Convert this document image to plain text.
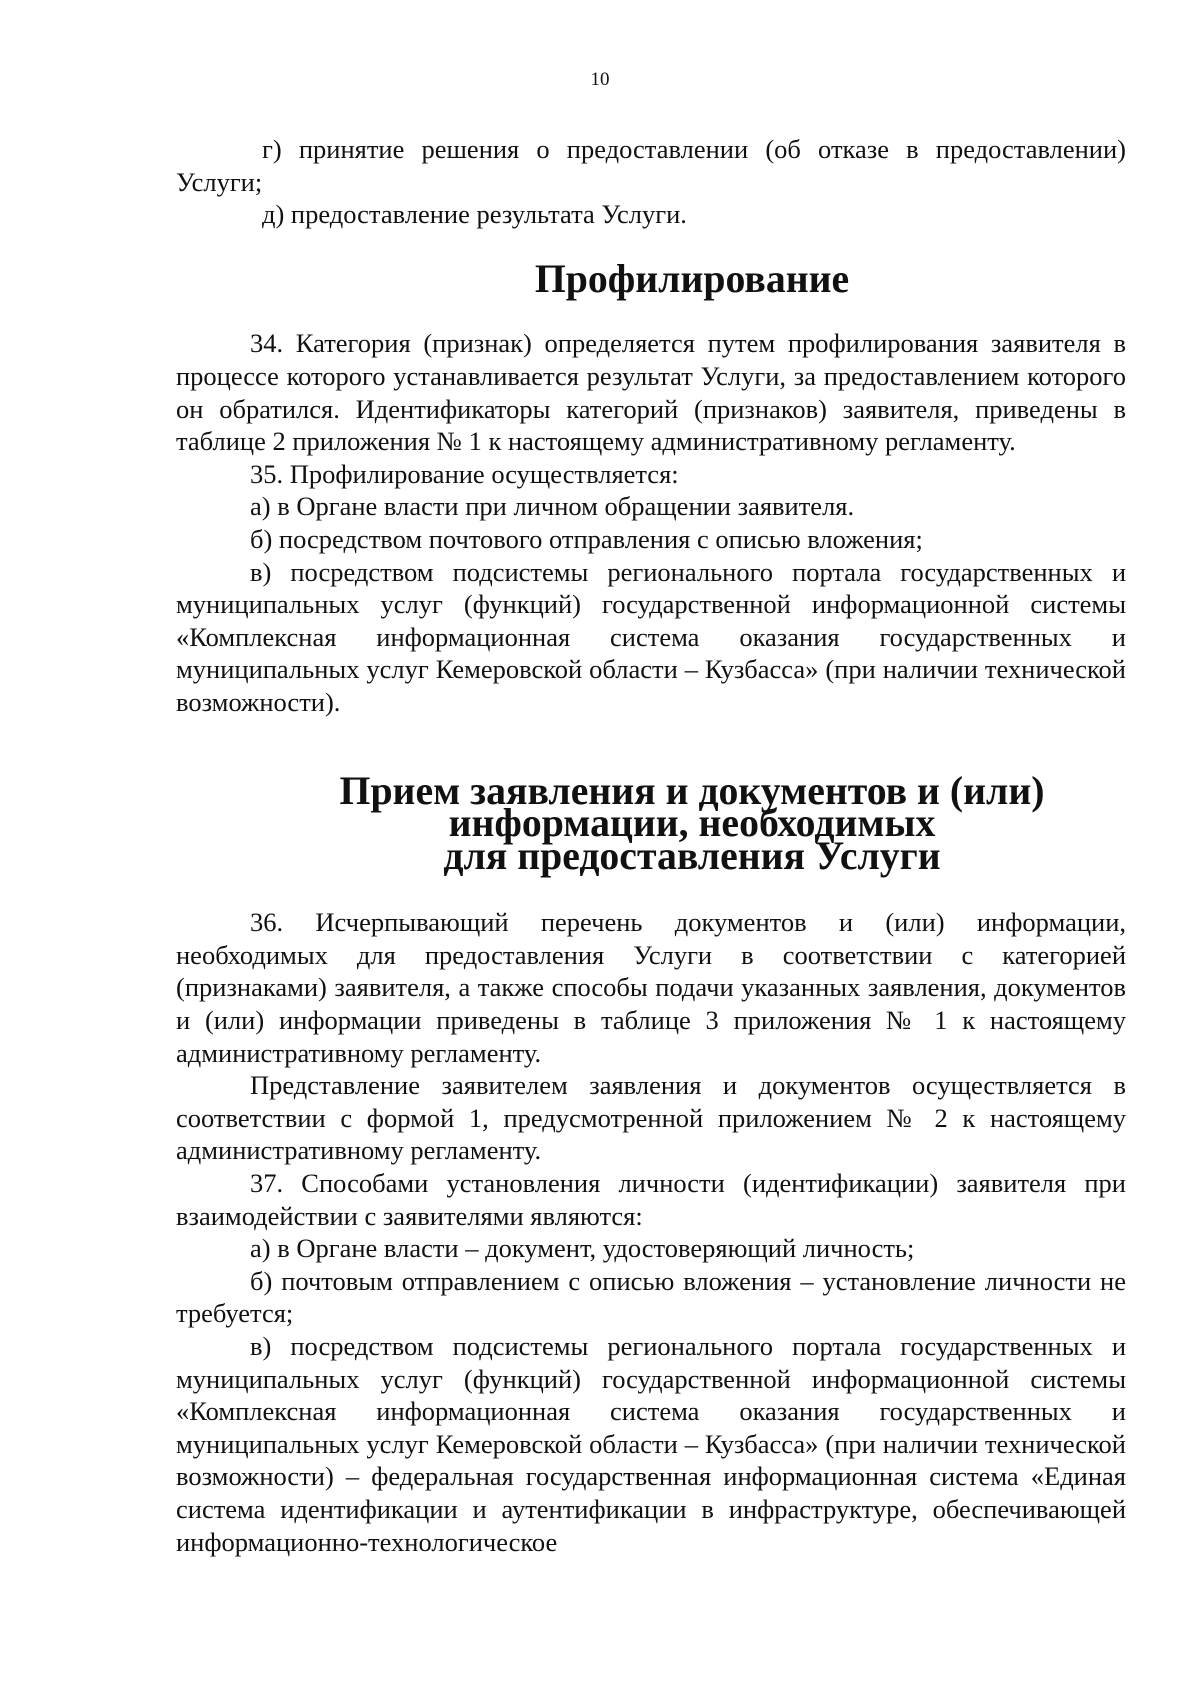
10

г) принятие решения о предоставлении (об отказе в предоставлении) Услуги;

д) предоставление результата Услуги.

Профилирование

34. Категория (признак) определяется путем профилирования заявителя в процессе которого устанавливается результат Услуги, за предоставлением которого он обратился. Идентификаторы категорий (признаков) заявителя, приведены в таблице 2 приложения № 1 к настоящему административному регламенту.

35. Профилирование осуществляется:

а) в Органе власти при личном обращении заявителя.

б) посредством почтового отправления с описью вложения;

в) посредством подсистемы регионального портала государственных и муниципальных услуг (функций) государственной информационной системы «Комплексная информационная система оказания государственных и муниципальных услуг Кемеровской области – Кузбасса» (при наличии технической возможности).

Прием заявления и документов и (или) информации, необходимых
для предоставления Услуги

36. Исчерпывающий перечень документов и (или) информации, необходимых для предоставления Услуги в соответствии с категорией (признаками) заявителя, а также способы подачи указанных заявления, документов и (или) информации приведены в таблице 3 приложения № 1 к настоящему административному регламенту.

Представление заявителем заявления и документов осуществляется в соответствии с формой 1, предусмотренной приложением № 2 к настоящему административному регламенту.

37. Способами установления личности (идентификации) заявителя при взаимодействии с заявителями являются:

а) в Органе власти – документ, удостоверяющий личность;

б) почтовым отправлением с описью вложения – установление личности не требуется;

в) посредством подсистемы регионального портала государственных и муниципальных услуг (функций) государственной информационной системы «Комплексная информационная система оказания государственных и муниципальных услуг Кемеровской области – Кузбасса» (при наличии технической возможности) – федеральная государственная информационная система «Единая система идентификации и аутентификации в инфраструктуре, обеспечивающей информационно-технологическое
